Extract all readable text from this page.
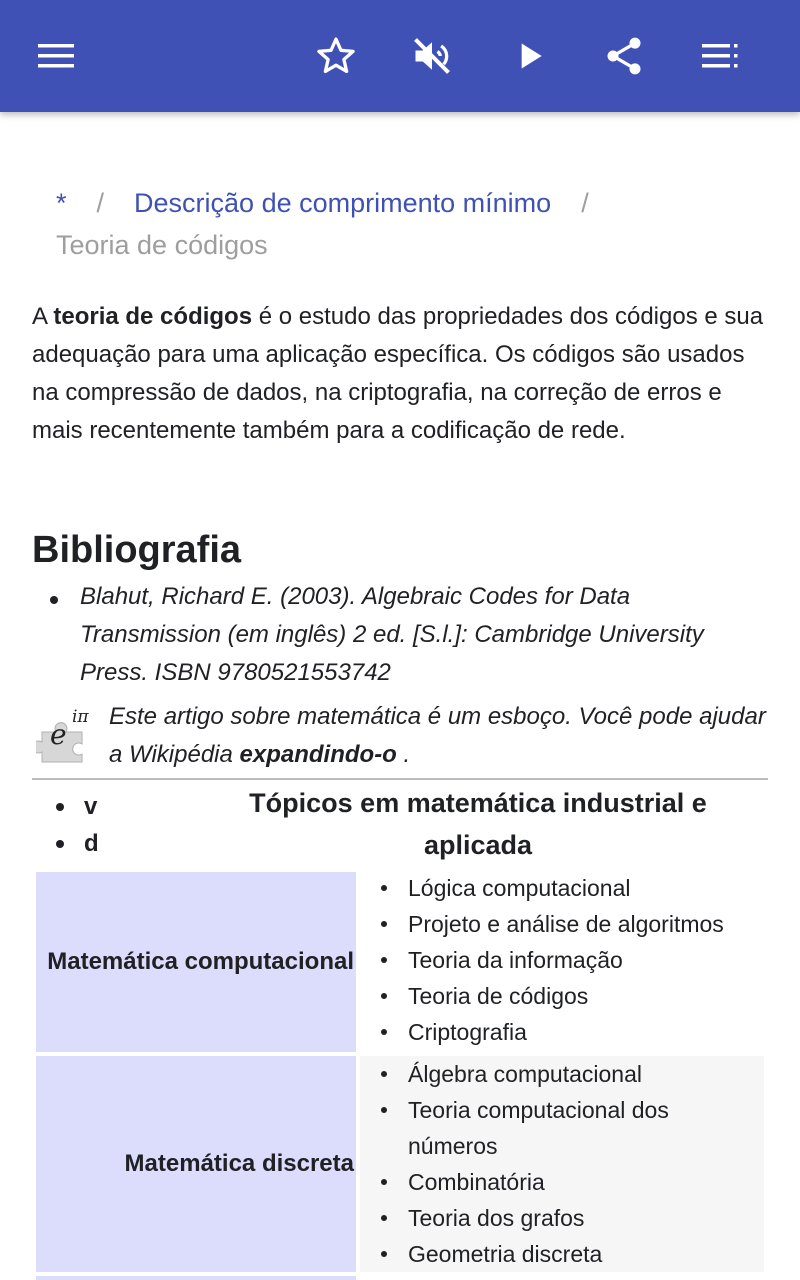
* / Descrição de comprimento mínimo /
Teoria de códigos

A teoria de códigos é o estudo das propriedades dos códigos e sua adequação para uma aplicação específica. Os códigos são usados na compressão de dados, na criptografia, na correção de erros e mais recentemente também para a codificação de rede.

Bibliografia
Blahut, Richard E. (2003). Algebraic Codes for Data Transmission (em inglês) 2 ed. [S.l.]: Cambridge University Press. ISBN 9780521553742
e
iπ Este artigo sobre matemática é um esboço. Você pode ajudar a Wikipédia expandindo-o .

v
d
Tópicos em matemática industrial e aplicada
Matemática computacional
Lógica computacional
Projeto e análise de algoritmos
Teoria da informação
Teoria de códigos
Criptografia
Matemática discreta
Álgebra computacional
Teoria computacional dos números
Combinatória
Teoria dos grafos
Geometria discreta
